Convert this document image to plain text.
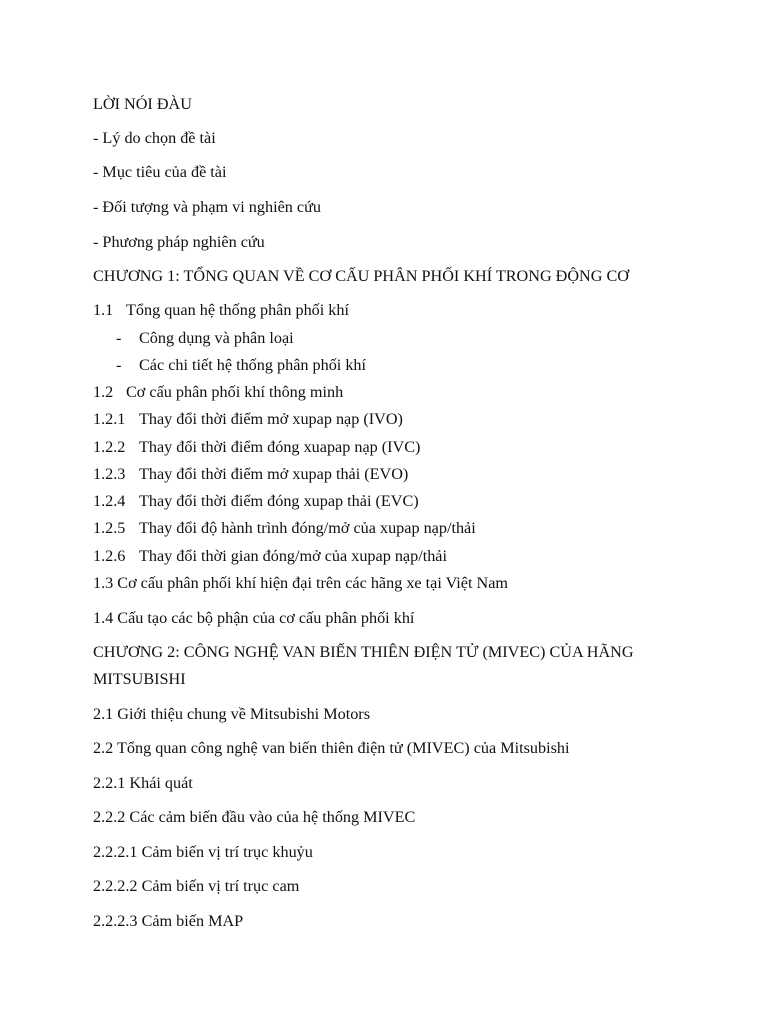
LỜI NÓI ĐÀU
- Lý do chọn đề tài
- Mục tiêu của đề tài
- Đối tượng và phạm vi nghiên cứu
- Phương pháp nghiên cứu
CHƯƠNG 1: TỔNG QUAN VỀ CƠ CẤU PHÂN PHỐI KHÍ TRONG ĐỘNG CƠ
1.1 Tổng quan hệ thống phân phối khí
- Công dụng và phân loại
- Các chi tiết hệ thống phân phối khí
1.2 Cơ cấu phân phối khí thông minh
1.2.1 Thay đổi thời điểm mở xupap nạp (IVO)
1.2.2 Thay đổi thời điểm đóng xuapap nạp (IVC)
1.2.3 Thay đổi thời điểm mở xupap thải (EVO)
1.2.4 Thay đổi thời điểm đóng xupap thải (EVC)
1.2.5 Thay đổi độ hành trình đóng/mở của xupap nạp/thải
1.2.6 Thay đổi thời gian đóng/mở của xupap nạp/thải
1.3 Cơ cấu phân phối khí hiện đại trên các hãng xe tại Việt Nam
1.4 Cấu tạo các bộ phận của cơ cấu phân phối khí
CHƯƠNG 2: CÔNG NGHỆ VAN BIẾN THIÊN ĐIỆN TỬ (MIVEC) CỦA HÃNG
MITSUBISHI
2.1 Giới thiệu chung về Mitsubishi Motors
2.2 Tổng quan công nghệ van biến thiên điện tử (MIVEC) của Mitsubishi
2.2.1 Khái quát
2.2.2 Các cảm biến đầu vào của hệ thống MIVEC
2.2.2.1 Cảm biến vị trí trục khuỷu
2.2.2.2 Cảm biến vị trí trục cam
2.2.2.3 Cảm biến MAP
